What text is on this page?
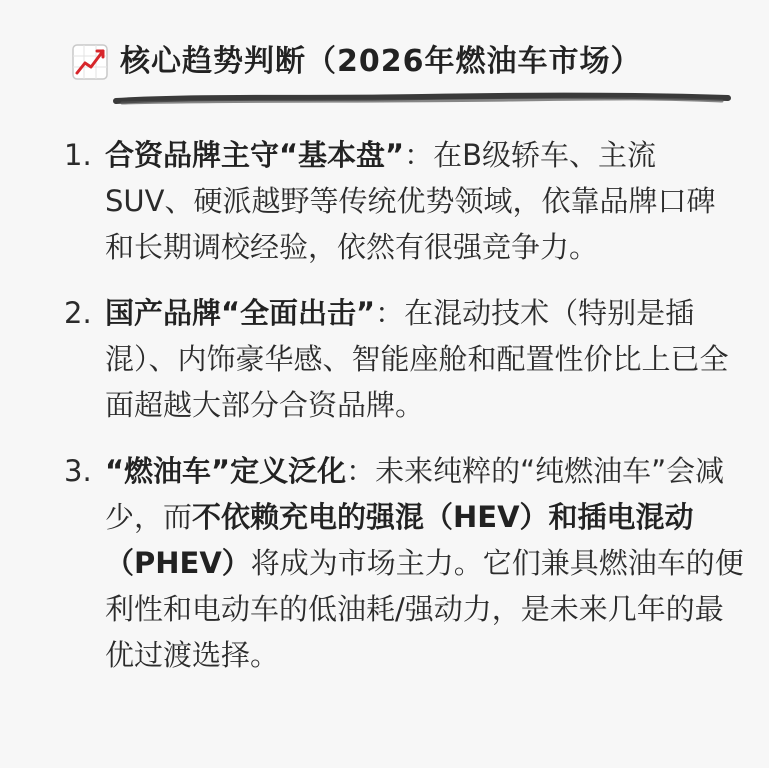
核心趋势判断（2026年燃油车市场）
1. 合资品牌主守“基本盘”：在B级轿车、主流SUV、硬派越野等传统优势领域，依靠品牌口碑和长期调校经验，依然有很强竞争力。
2. 国产品牌“全面出击”：在混动技术（特别是插混）、内饰豪华感、智能座舱和配置性价比上已全面超越大部分合资品牌。
3. “燃油车”定义泛化：未来纯粹的“纯燃油车”会减少，而不依赖充电的强混（HEV）和插电混动（PHEV）将成为市场主力。它们兼具燃油车的便利性和电动车的低油耗/强动力，是未来几年的最优过渡选择。
